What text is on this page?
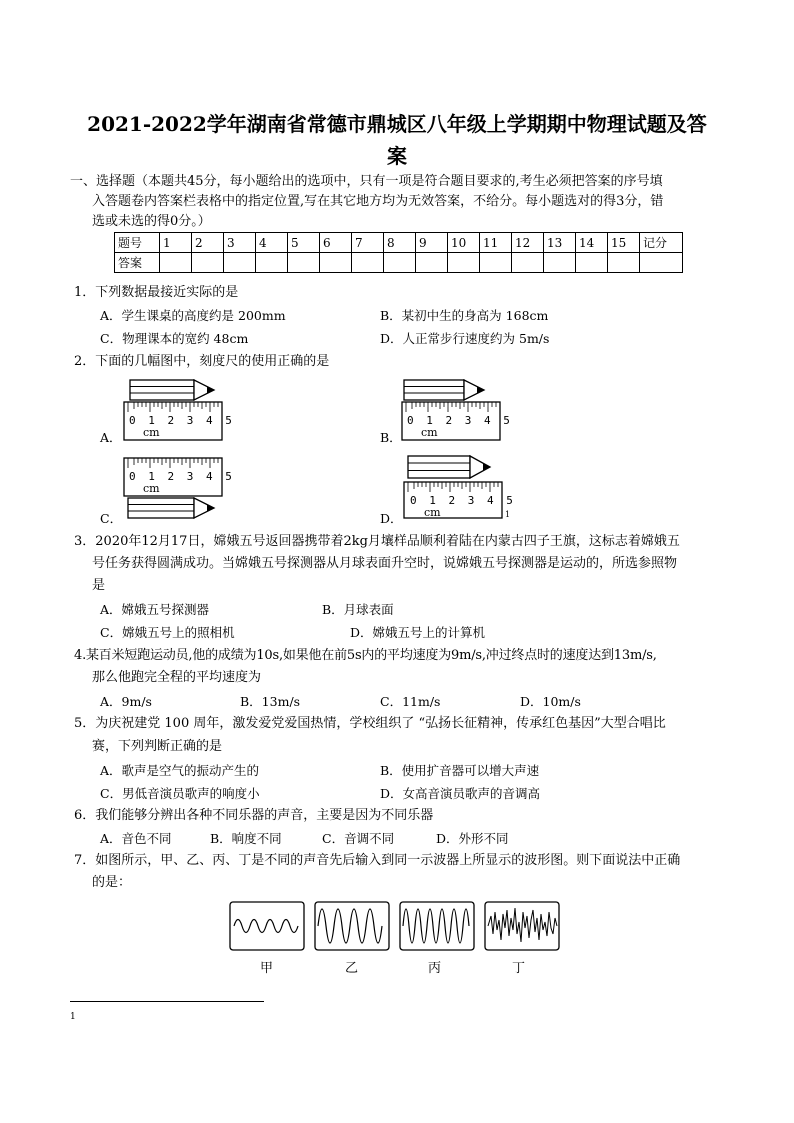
2021-2022学年湖南省常德市鼎城区八年级上学期期中物理试题及答
案
一、选择题（本题共45分，每小题给出的选项中，只有一项是符合题目要求的,考生必须把答案的序号填
入答题卷内答案栏表格中的指定位置,写在其它地方均为无效答案，不给分。每小题选对的得3分，错
选或未选的得0分。）
题号	1	2	3	4	5	6	7	8	9	10	11	12	13	14	15	记分
答案																
1．下列数据最接近实际的是
A．学生课桌的高度约是 200mm	B．某初中生的身高为 168cm
C．物理课本的宽约 48cm	D．人正常步行速度约为 5m/s
2．下面的几幅图中，刻度尺的使用正确的是
0 1 2 3 4 5
cm
A．
0 1 2 3 4 5
cm
B．
0 1 2 3 4 5
cm
C．
0 1 2 3 4 5
cm	1
D．
3．2020年12月17日，嫦娥五号返回器携带着2kg月壤样品顺利着陆在内蒙古四子王旗，这标志着嫦娥五
号任务获得圆满成功。当嫦娥五号探测器从月球表面升空时，说嫦娥五号探测器是运动的，所选参照物
是
A．嫦娥五号探测器	B．月球表面
C．嫦娥五号上的照相机	D．嫦娥五号上的计算机
4.某百米短跑运动员,他的成绩为10s,如果他在前5s内的平均速度为9m/s,冲过终点时的速度达到13m/s,
那么他跑完全程的平均速度为
A．9m/s	B．13m/s	C．11m/s	D．10m/s
5．为庆祝建党 100 周年，激发爱党爱国热情，学校组织了 “弘扬长征精神，传承红色基因”大型合唱比
赛，下列判断正确的是
A．歌声是空气的振动产生的	B．使用扩音器可以增大声速
C．男低音演员歌声的响度小	D．女高音演员歌声的音调高
6．我们能够分辨出各种不同乐器的声音，主要是因为不同乐器
A．音色不同	B．响度不同	C．音调不同	D．外形不同
7．如图所示，甲、乙、丙、丁是不同的声音先后输入到同一示波器上所显示的波形图。则下面说法中正确
的是：
甲	乙	丙	丁
1
